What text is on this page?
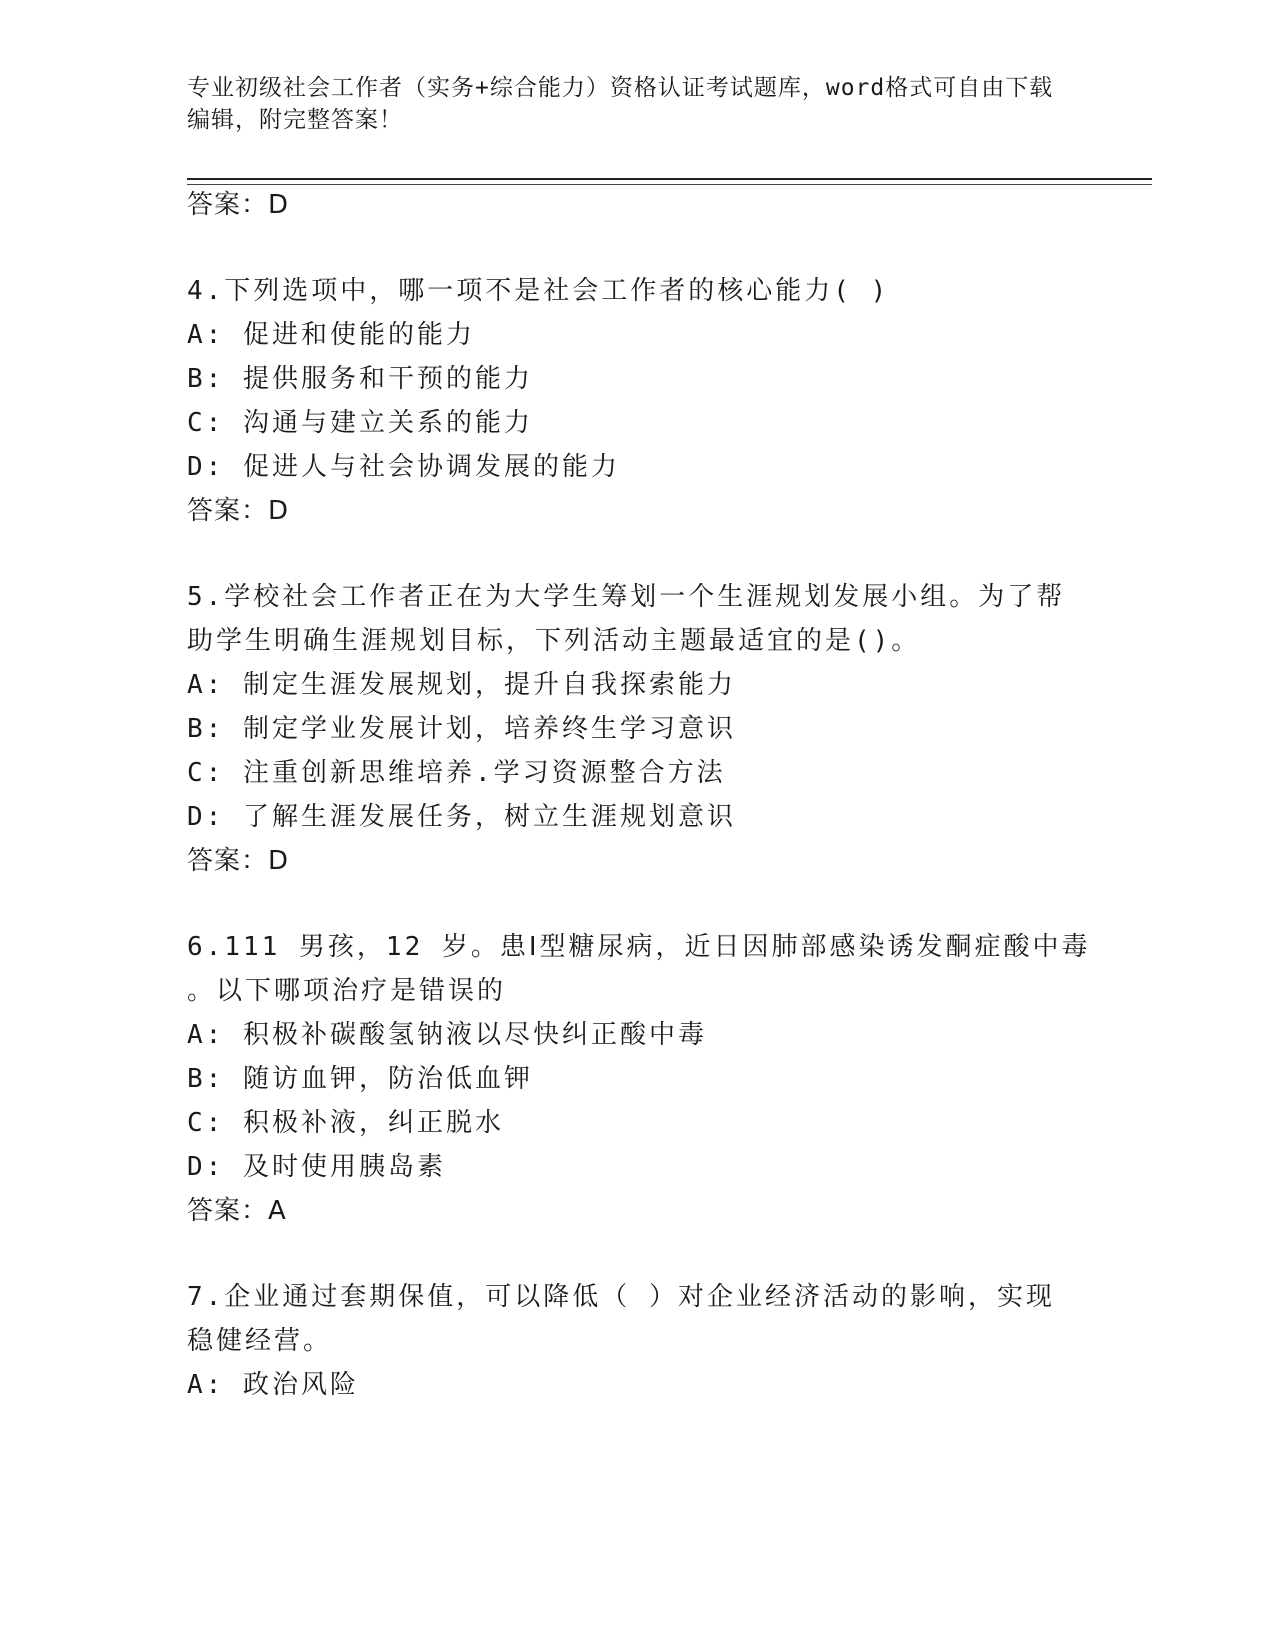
专业初级社会工作者（实务+综合能力）资格认证考试题库，word格式可自由下载
编辑，附完整答案！
答案：D
4.下列选项中，哪一项不是社会工作者的核心能力( )
A: 促进和使能的能力
B: 提供服务和干预的能力
C: 沟通与建立关系的能力
D: 促进人与社会协调发展的能力
答案：D
5.学校社会工作者正在为大学生筹划一个生涯规划发展小组。为了帮
助学生明确生涯规划目标，下列活动主题最适宜的是()。
A: 制定生涯发展规划，提升自我探索能力
B: 制定学业发展计划，培养终生学习意识
C: 注重创新思维培养.学习资源整合方法
D: 了解生涯发展任务，树立生涯规划意识
答案：D
6.111 男孩，12 岁。患Ⅰ型糖尿病，近日因肺部感染诱发酮症酸中毒
。以下哪项治疗是错误的
A: 积极补碳酸氢钠液以尽快纠正酸中毒
B: 随访血钾，防治低血钾
C: 积极补液，纠正脱水
D: 及时使用胰岛素
答案：A
7.企业通过套期保值，可以降低（ ）对企业经济活动的影响，实现
稳健经营。
A: 政治风险
